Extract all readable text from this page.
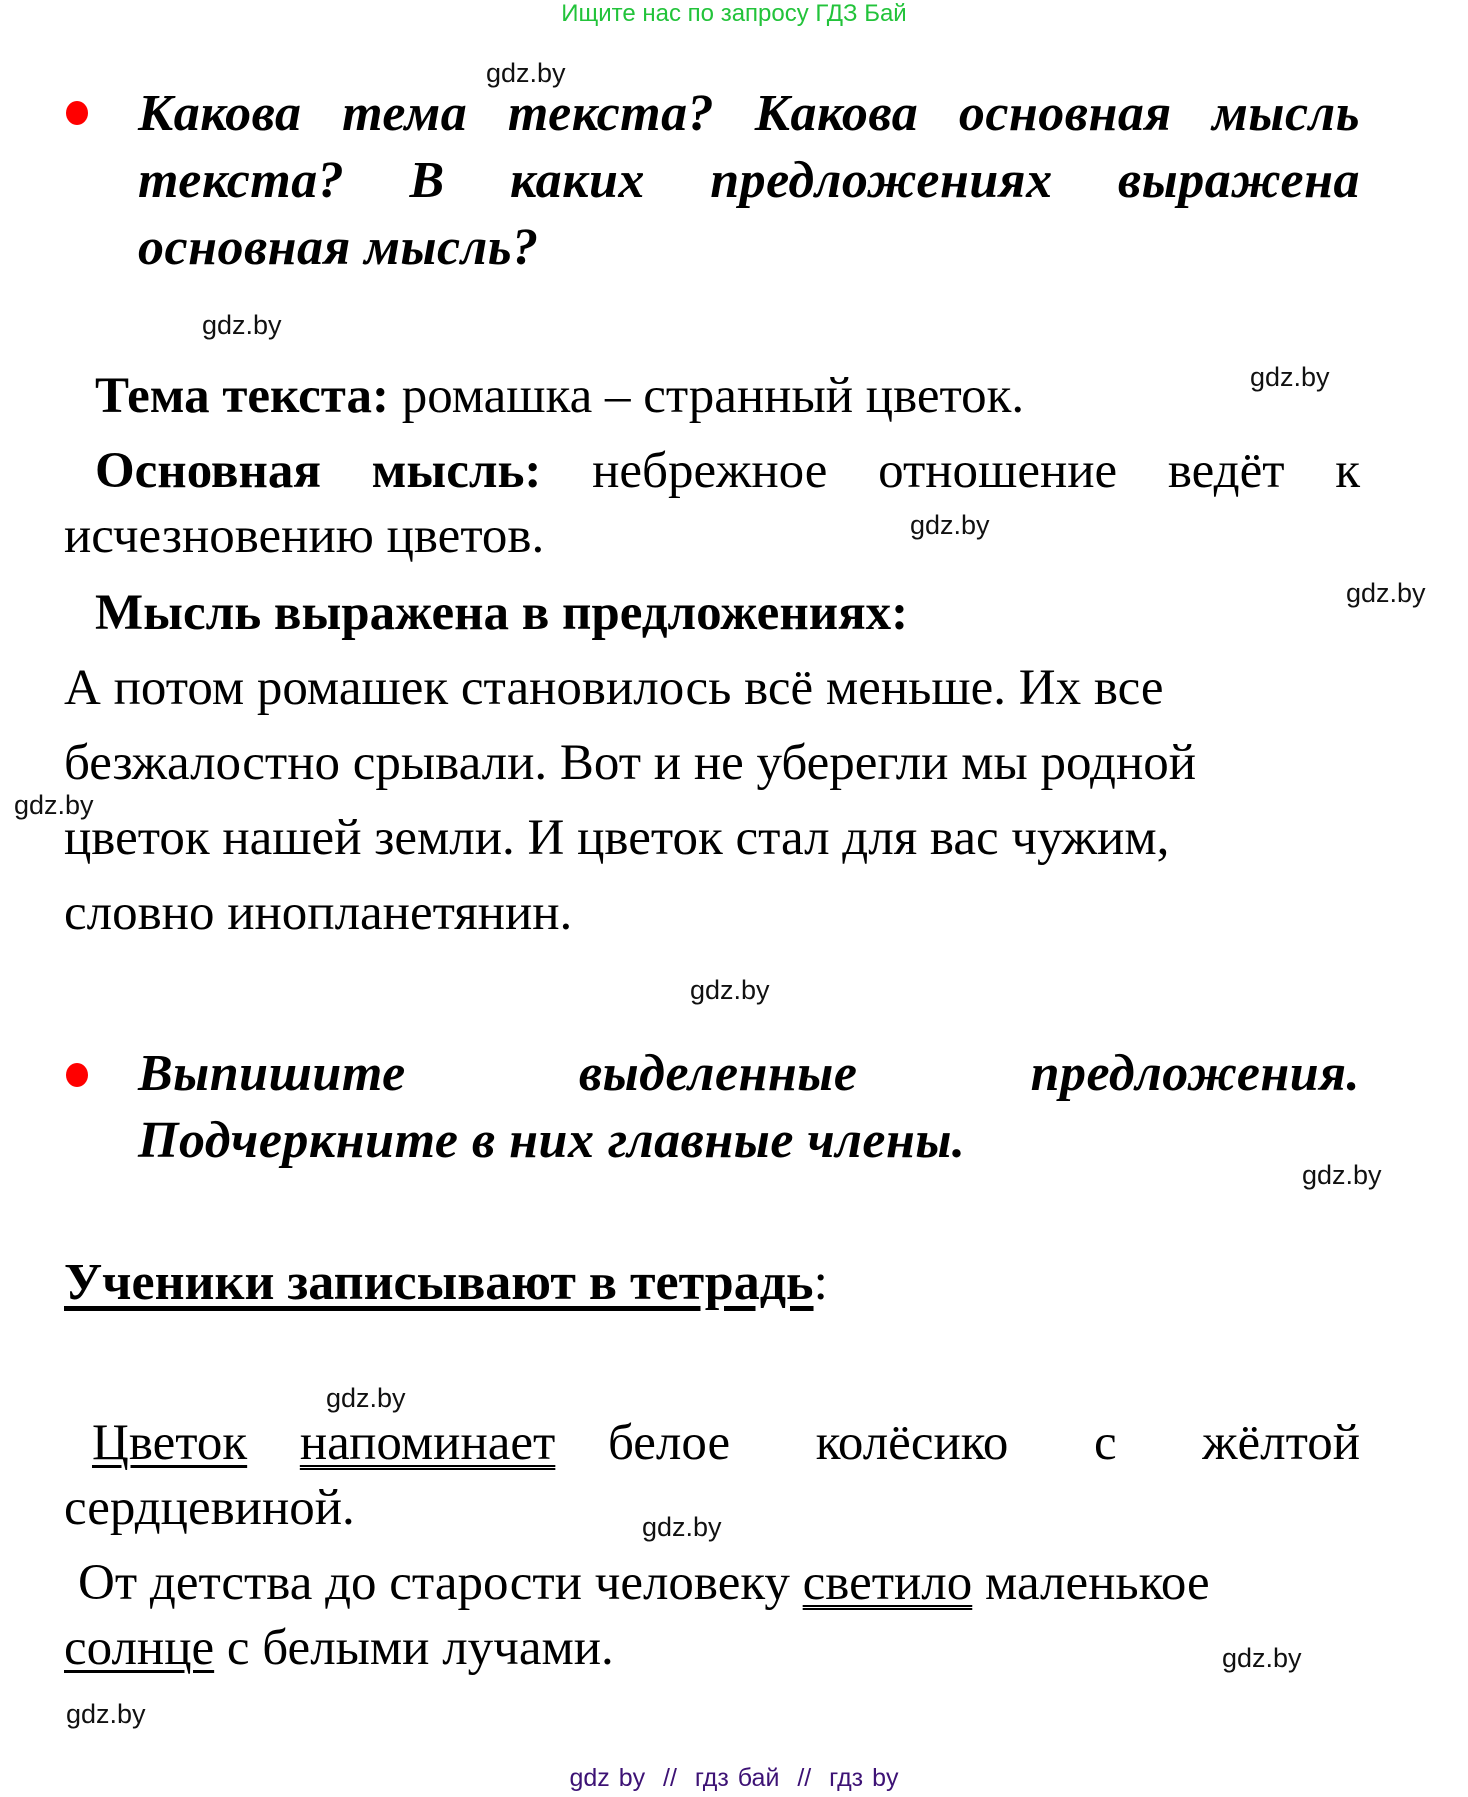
Ищите нас по запросу ГДЗ Бай
gdz.by
gdz.by
gdz.by
gdz.by
gdz.by
gdz.by
gdz.by
gdz.by
gdz.by
gdz.by
gdz.by
gdz.by
Какова тема текста? Какова основная мысль
текста? В каких предложениях выражена
основная мысль?
Тема текста: ромашка – странный цветок.
Основная мысль: небрежное отношение ведёт к
исчезновению цветов.
Мысль выражена в предложениях:
А потом ромашек становилось всё меньше. Их все
безжалостно срывали. Вот и не уберегли мы родной
цветок нашей земли. И цветок стал для вас чужим,
словно инопланетянин.
Выпишите выделенные предложения.
Подчеркните в них главные члены.
Ученики записывают в тетрадь:
Цветок напоминает белое колёсико с жёлтой
сердцевиной.
От детства до старости человеку светило маленькое
солнце с белыми лучами.
gdz by  //  гдз бай  //  гдз by
